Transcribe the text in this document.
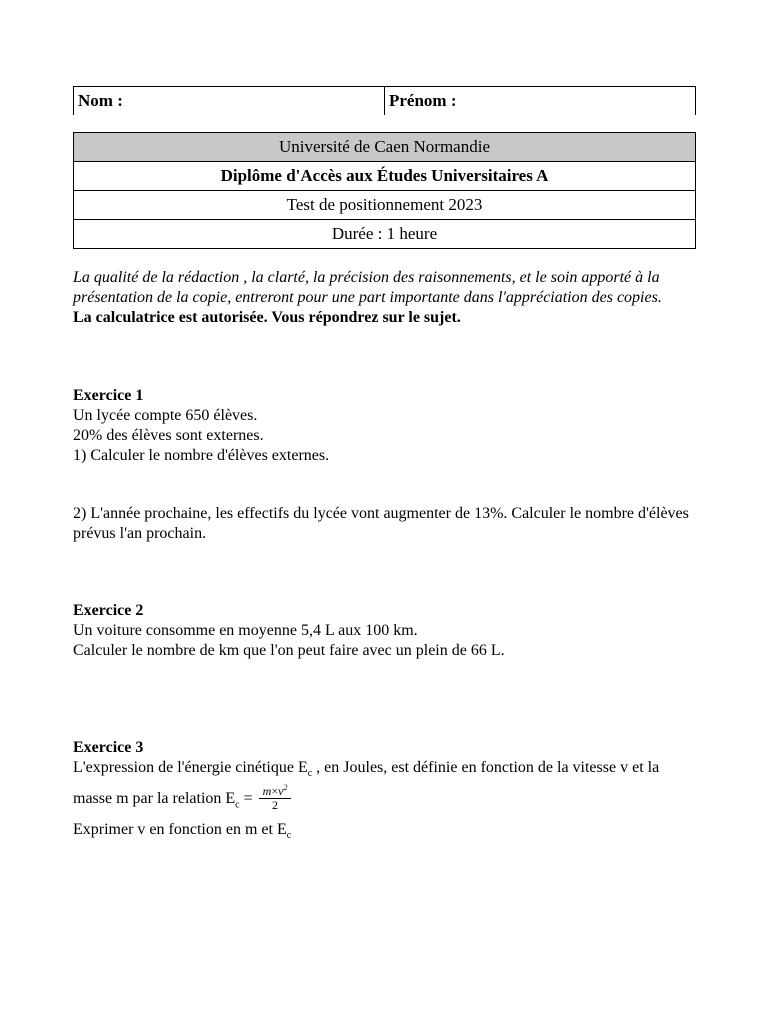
Nom :	Prénom :
Université de Caen Normandie
Diplôme d'Accès aux Études Universitaires A
Test de positionnement 2023
Durée : 1 heure
La qualité de la rédaction , la clarté, la précision des raisonnements, et le soin apporté à la présentation de la copie, entreront pour une part importante dans l'appréciation des copies.
La calculatrice est autorisée. Vous répondrez sur le sujet.

Exercice 1

Un lycée compte 650 élèves.

20% des élèves sont externes.

1) Calculer le nombre d'élèves externes.

2) L'année prochaine, les effectifs du lycée vont augmenter de 13%. Calculer le nombre d'élèves prévus l'an prochain.

Exercice 2

Un voiture consomme en moyenne 5,4 L aux 100 km.

Calculer le nombre de km que l'on peut faire avec un plein de 66 L.

Exercice 3

L'expression de l'énergie cinétique $E_c$ , en Joules, est définie en fonction de la vitesse v et la masse m par la relation $E_c = \frac{m\times v^2}{2}$

Exprimer v en fonction en m et $E_c$
